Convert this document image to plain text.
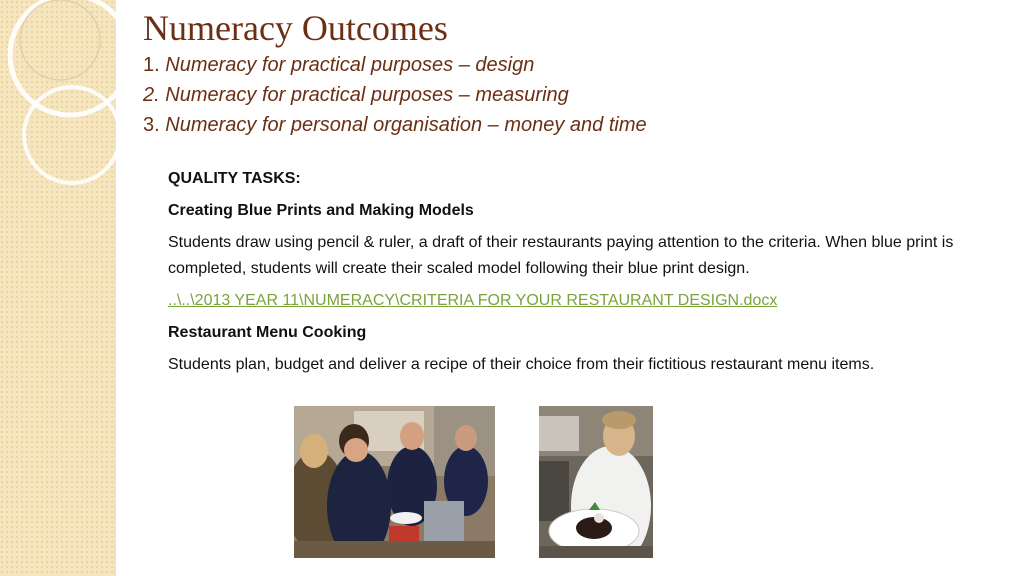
Numeracy Outcomes
1. Numeracy for practical purposes – design
2. Numeracy for practical purposes – measuring
3. Numeracy for personal organisation – money and time

QUALITY TASKS:

Creating Blue Prints and Making Models

Students draw using pencil & ruler, a draft of their restaurants paying attention to the criteria. When blue print is completed, students will create their scaled model following their blue print design.

..\..\2013 YEAR 11\NUMERACY\CRITERIA FOR YOUR RESTAURANT DESIGN.docx

Restaurant Menu Cooking

Students plan, budget and deliver a recipe of their choice from their fictitious restaurant menu items.
